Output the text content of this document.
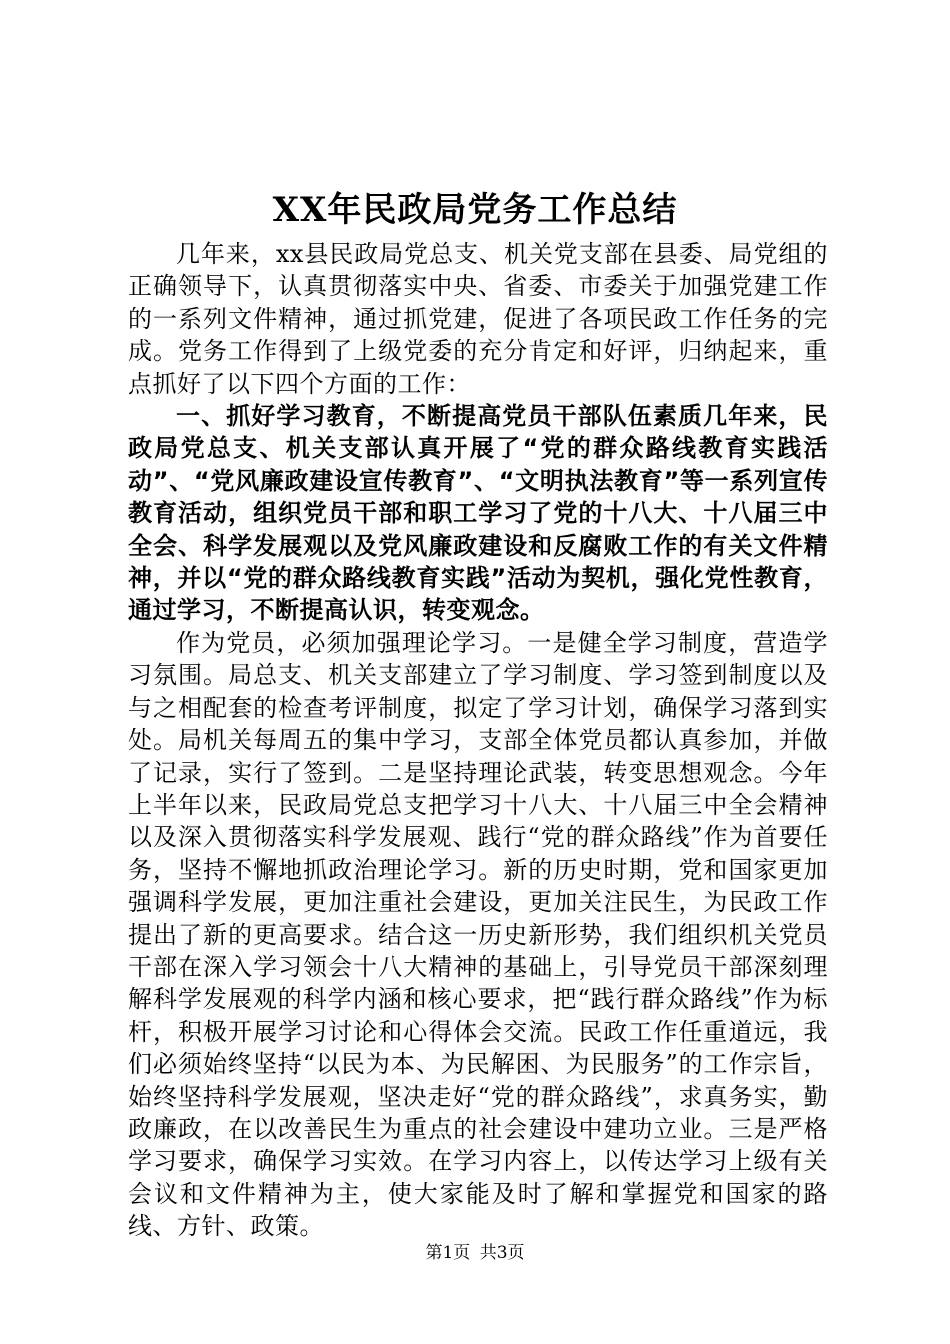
XX年民政局党务工作总结

几年来，xx县民政局党总支、机关党支部在县委、局党组的正确领导下，认真贯彻落实中央、省委、市委关于加强党建工作的一系列文件精神，通过抓党建，促进了各项民政工作任务的完成。党务工作得到了上级党委的充分肯定和好评，归纳起来，重点抓好了以下四个方面的工作：

一、抓好学习教育，不断提高党员干部队伍素质几年来，民政局党总支、机关支部认真开展了“党的群众路线教育实践活动”、“党风廉政建设宣传教育”、“文明执法教育”等一系列宣传教育活动，组织党员干部和职工学习了党的十八大、十八届三中全会、科学发展观以及党风廉政建设和反腐败工作的有关文件精神，并以“党的群众路线教育实践”活动为契机，强化党性教育，通过学习，不断提高认识，转变观念。

作为党员，必须加强理论学习。一是健全学习制度，营造学习氛围。局总支、机关支部建立了学习制度、学习签到制度以及与之相配套的检查考评制度，拟定了学习计划，确保学习落到实处。局机关每周五的集中学习，支部全体党员都认真参加，并做了记录，实行了签到。二是坚持理论武装，转变思想观念。今年上半年以来，民政局党总支把学习十八大、十八届三中全会精神以及深入贯彻落实科学发展观、践行“党的群众路线”作为首要任务，坚持不懈地抓政治理论学习。新的历史时期，党和国家更加强调科学发展，更加注重社会建设，更加关注民生，为民政工作提出了新的更高要求。结合这一历史新形势，我们组织机关党员干部在深入学习领会十八大精神的基础上，引导党员干部深刻理解科学发展观的科学内涵和核心要求，把“践行群众路线”作为标杆，积极开展学习讨论和心得体会交流。民政工作任重道远，我们必须始终坚持“以民为本、为民解困、为民服务”的工作宗旨，始终坚持科学发展观，坚决走好“党的群众路线”，求真务实，勤政廉政，在以改善民生为重点的社会建设中建功立业。三是严格学习要求，确保学习实效。在学习内容上，以传达学习上级有关会议和文件精神为主，使大家能及时了解和掌握党和国家的路线、方针、政策。

第1页 共3页
